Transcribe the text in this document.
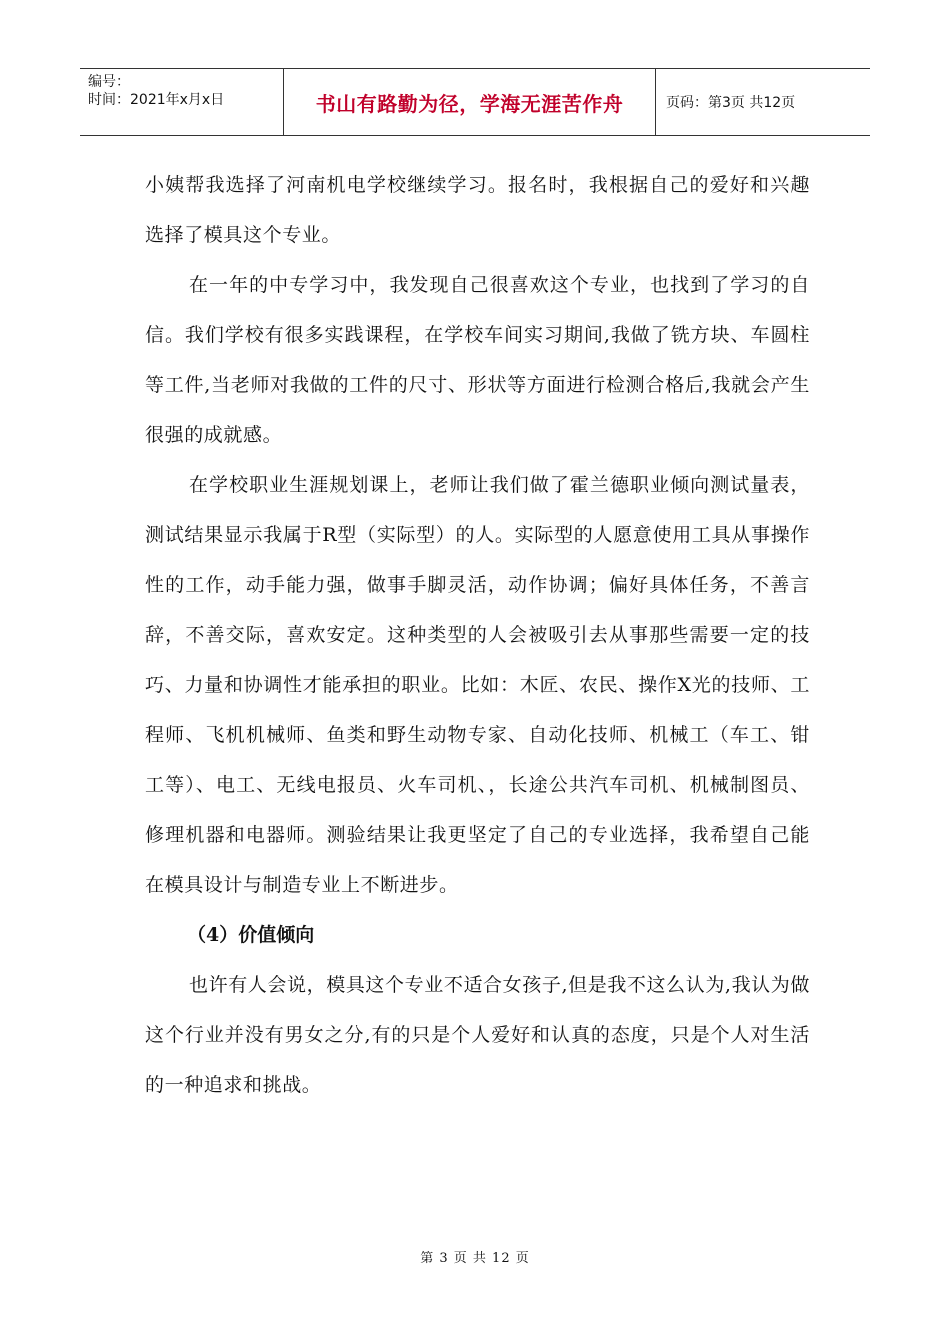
编号：
时间：2021年x月x日	书山有路勤为径，学海无涯苦作舟	页码：第3页 共12页

小姨帮我选择了河南机电学校继续学习。报名时，我根据自己的爱好和兴趣选择了模具这个专业。

在一年的中专学习中，我发现自己很喜欢这个专业，也找到了学习的自信。我们学校有很多实践课程，在学校车间实习期间,我做了铣方块、车圆柱等工件,当老师对我做的工件的尺寸、形状等方面进行检测合格后,我就会产生很强的成就感。

在学校职业生涯规划课上，老师让我们做了霍兰德职业倾向测试量表，测试结果显示我属于R型（实际型）的人。实际型的人愿意使用工具从事操作性的工作，动手能力强，做事手脚灵活，动作协调；偏好具体任务，不善言辞，不善交际，喜欢安定。这种类型的人会被吸引去从事那些需要一定的技巧、力量和协调性才能承担的职业。比如：木匠、农民、操作X光的技师、工程师、飞机机械师、鱼类和野生动物专家、自动化技师、机械工（车工、钳工等）、电工、无线电报员、火车司机、，长途公共汽车司机、机械制图员、修理机器和电器师。测验结果让我更坚定了自己的专业选择，我希望自己能在模具设计与制造专业上不断进步。

（4）价值倾向

也许有人会说，模具这个专业不适合女孩子,但是我不这么认为,我认为做这个行业并没有男女之分,有的只是个人爱好和认真的态度，只是个人对生活的一种追求和挑战。

第 3 页 共 12 页
